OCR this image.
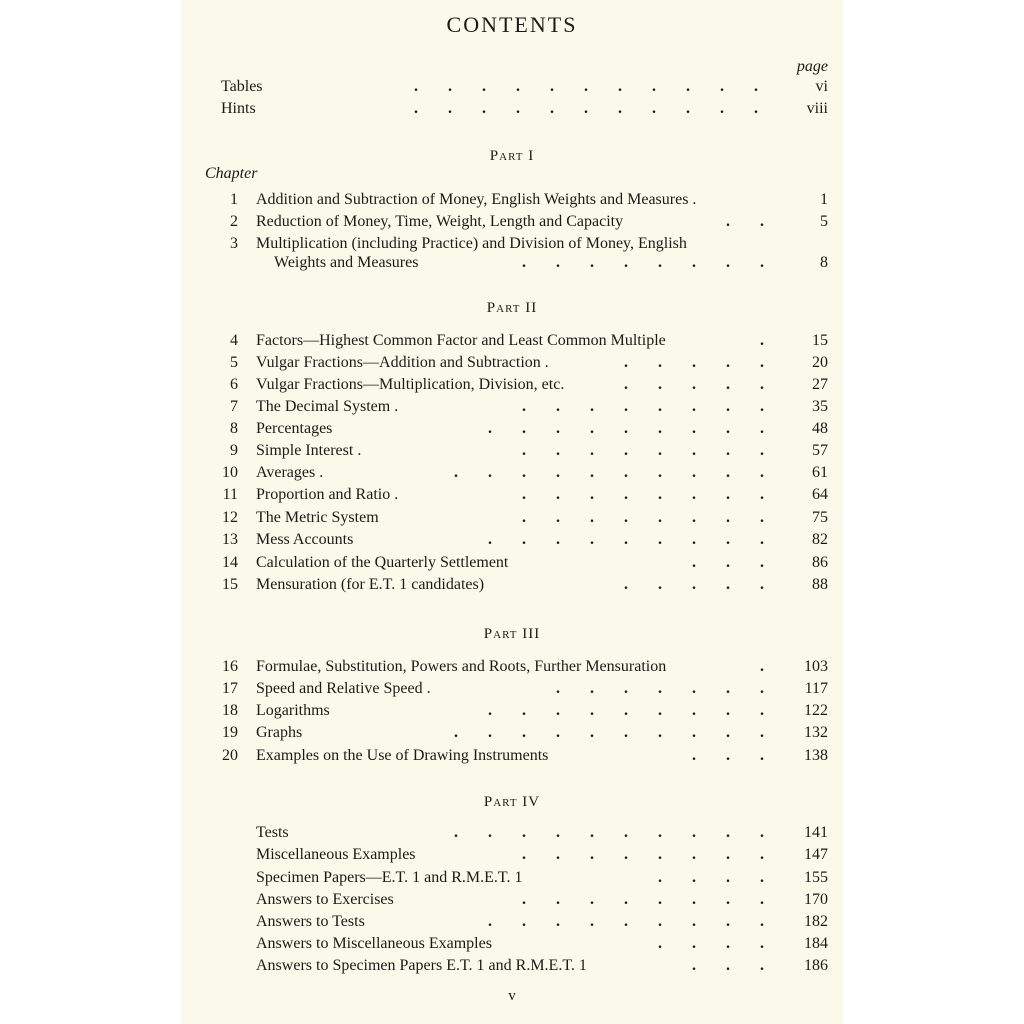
CONTENTS
page
Tables	........... vi
Hints	........... viii
Part I
Chapter
1 Addition and Subtraction of Money, English Weights and Measures .	1
2 Reduction of Money, Time, Weight, Length and Capacity	.. 5
3 Multiplication (including Practice) and Division of Money, English
Weights and Measures	........ 8
Part II
4 Factors—Highest Common Factor and Least Common Multiple	. 15
5 Vulgar Fractions—Addition and Subtraction .	..... 20
6 Vulgar Fractions—Multiplication, Division, etc.	..... 27
7 The Decimal System .	........ 35
8 Percentages	......... 48
9 Simple Interest .	........ 57
10 Averages .	.......... 61
11 Proportion and Ratio .	........ 64
12 The Metric System	........ 75
13 Mess Accounts	......... 82
14 Calculation of the Quarterly Settlement	... 86
15 Mensuration (for E.T. 1 candidates)	..... 88
Part III
16 Formulae, Substitution, Powers and Roots, Further Mensuration	. 103
17 Speed and Relative Speed .	....... 117
18 Logarithms	......... 122
19 Graphs	.......... 132
20 Examples on the Use of Drawing Instruments	... 138
Part IV
Tests	.......... 141
Miscellaneous Examples	........ 147
Specimen Papers—E.T. 1 and R.M.E.T. 1	.... 155
Answers to Exercises	........ 170
Answers to Tests	......... 182
Answers to Miscellaneous Examples	.... 184
Answers to Specimen Papers E.T. 1 and R.M.E.T. 1	... 186
v
